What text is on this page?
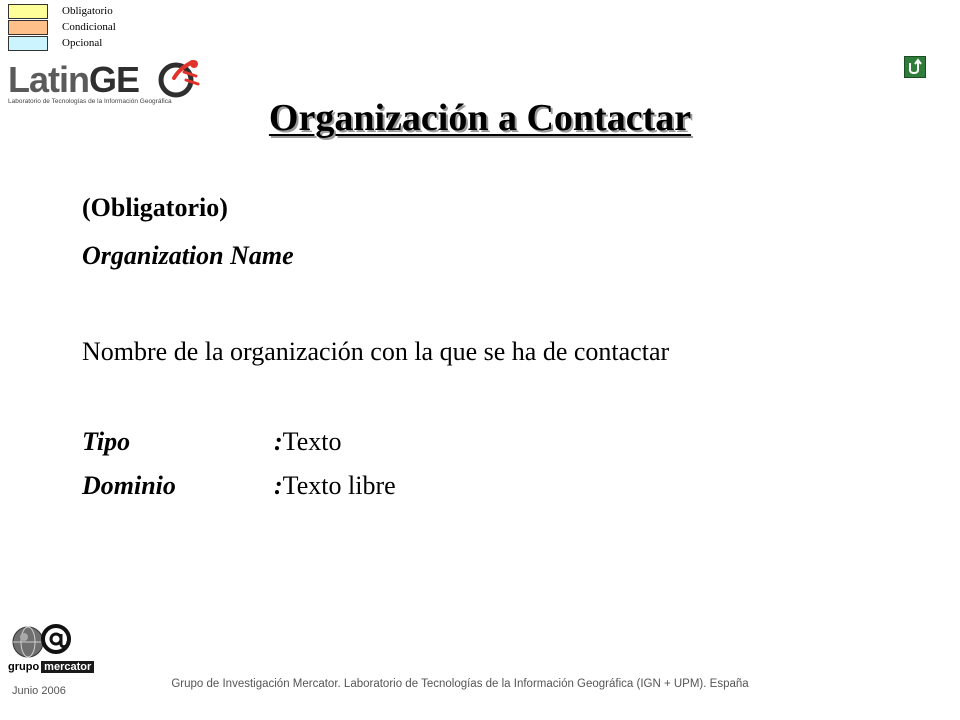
Obligatorio
Condicional
Opcional
LatinGE
Laboratorio de Tecnologías de la Información Geográfica	Organización a Contactar
(Obligatorio)
Organization Name
Nombre de la organización con la que se ha de contactar
Tipo	:Texto
Dominio	:Texto libre
grupo mercator
Junio 2006
Grupo de Investigación Mercator. Laboratorio de Tecnologías de la Información Geográfica (IGN + UPM). España
